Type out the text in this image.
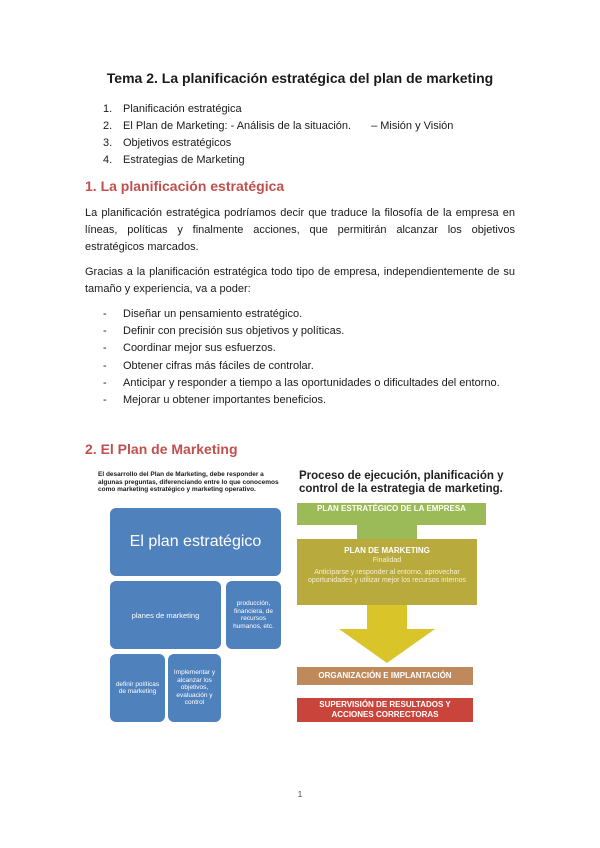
Tema 2. La planificación estratégica del plan de marketing
1. Planificación estratégica
2. El Plan de Marketing: - Análisis de la situación. – Misión y Visión
3. Objetivos estratégicos
4. Estrategias de Marketing
1. La planificación estratégica
La planificación estratégica podríamos decir que traduce la filosofía de la empresa en líneas, políticas y finalmente acciones, que permitirán alcanzar los objetivos estratégicos marcados.
Gracias a la planificación estratégica todo tipo de empresa, independientemente de su tamaño y experiencia, va a poder:
- Diseñar un pensamiento estratégico.
- Definir con precisión sus objetivos y políticas.
- Coordinar mejor sus esfuerzos.
- Obtener cifras más fáciles de controlar.
- Anticipar y responder a tiempo a las oportunidades o dificultades del entorno.
- Mejorar u obtener importantes beneficios.
2. El Plan de Marketing
El desarrollo del Plan de Marketing, debe responder a algunas preguntas, diferenciando entre lo que conocemos como marketing estratégico y marketing operativo.
El plan estratégico
planes de marketing
producción, financiera, de recursos humanos, etc.
definir políticas de marketing
Implementar y alcanzar los objetivos, evaluación y control
Proceso de ejecución, planificación y control de la estrategia de marketing.
PLAN ESTRATÉGICO DE LA EMPRESA
PLAN DE MARKETING
Finalidad
Anticiparse y responder al entorno, aprovechar oportunidades y utilizar mejor los recursos internos
ORGANIZACIÓN E IMPLANTACIÓN
SUPERVISIÓN DE RESULTADOS Y ACCIONES CORRECTORAS
1
